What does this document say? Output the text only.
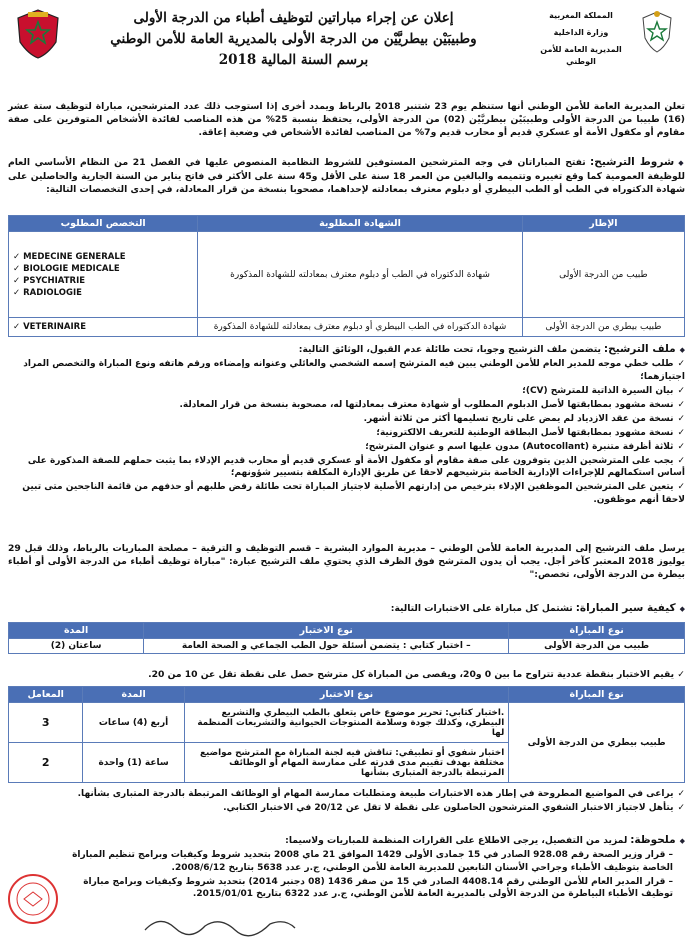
المملكة المغربية
وزارة الداخلية
المديرية العامة للأمن الوطني
إعلان عن إجراء مباراتين لتوظيف أطباء من الدرجة الأولى
وطبيبَيْن بيطريَّيْن من الدرجة الأولى بالمديرية العامة للأمن الوطني
برسم السنة المالية 2018
تعلن المديرية العامة للأمن الوطني أنها ستنظم يوم 23 شتنبر 2018 بالرباط ويمدد أخرى إذا استوجب ذلك عدد المترشحين، مباراة لتوظيف ستة عشر (16) طبيبا من الدرجة الأولى وطبيبَيْن بيطريَّيْن (02) من الدرجة الأولى، يحتفظ بنسبة 25% من هذه المناصب لفائدة الأشخاص المتوفرين على صفة مقاوم أو مكفول الأمة أو عسكري قديم أو محارب قديم و7% من المناصب لفائدة الأشخاص في وضعية إعاقة.
◆ شروط الترشيح: تفتح المباراتان في وجه المترشحين المستوفين للشروط النظامية المنصوص عليها في الفصل 21 من النظام الأساسي العام للوظيفة العمومية كما وقع تغييره وتتميمه والبالغين من العمر 18 سنة على الأقل و45 سنة على الأكثر في فاتح يناير من السنة الجارية والحاصلين على شهادة الدكتوراه في الطب أو الطب البيطري أو دبلوم معترف بمعادلته لإحداهما، مصحوبا بنسخة من قرار المعادلة، في إحدى التخصصات التالية:
الإطار	الشهادة المطلوبة	التخصص المطلوب
طبيب من الدرجة الأولى	شهادة الدكتوراه في الطب أو دبلوم معترف بمعادلته للشهادة المذكورة	✓ MEDECINE GENERALE
✓ BIOLOGIE MEDICALE
✓ PSYCHIATRIE
✓ RADIOLOGIE

طبيب بيطري من الدرجة الأولى	شهادة الدكتوراه في الطب البيطري أو دبلوم معترف بمعادلته للشهادة المذكورة	✓ VETERINAIRE
◆ ملف الترشيح: يتضمن ملف الترشيح وجوبا، تحت طائلة عدم القبول، الوثائق التالية:
✓طلب خطي موجه للمدير العام للأمن الوطني يبين فيه المترشح إسمه الشخصي والعائلي وعنوانه وإمضاءه ورقم هاتفه ونوع المباراة والتخصص المراد اجتيازهما؛
✓بيان السيرة الذاتية للمترشح (CV)؛
✓نسخة مشهود بمطابقتها لأصل الدبلوم المطلوب أو شهادة معترف بمعادلتها له، مصحوبة بنسخة من قرار المعادلة.
✓نسخة من عقد الازدياد لم يمض على تاريخ تسليمها أكثر من ثلاثة أشهر.
✓نسخة مشهود بمطابقتها لأصل البطاقة الوطنية للتعريف الالكترونية؛
✓ثلاثة أظرفة متنبرة (Autocollant) مدون عليها اسم و عنوان المترشح؛
✓يجب على المترشحين الذين يتوفرون على صفة مقاوم أو مكفول الأمة أو عسكري قديم أو محارب قديم الإدلاء بما يثبت حملهم للصفة المذكورة على أساس استكمالهم للإجراءات الإدارية الخاصة بترشيحهم لاحقا عن طريق الإدارة المكلفة بتسيير شؤونهم؛
✓يتعين على المترشحين الموظفين الإدلاء بترخيص من إدارتهم الأصلية لاجتياز المباراة تحت طائلة رفض طلبهم أو حذفهم من قائمة الناجحين متى تبين لاحقا أنهم موظفون.
يرسل ملف الترشيح إلى المديرية العامة للأمن الوطني – مديرية الموارد البشرية – قسم التوظيف و الترقية – مصلحة المباريات بالرباط، وذلك قبل 29 يوليوز 2018 المعتبر كآخر أجل. يجب أن يدون المترشح فوق الظرف الذي يحتوي ملف الترشيح عبارة: "مباراة توظيف أطباء من الدرجة الأولى أو أطباء بيطرة من الدرجة الأولى، تخصص:"
◆ كيفية سير المباراة: تشتمل كل مباراة على الاختبارات التالية:
نوع المباراة	نوع الاختبار	المدة
طبيب من الدرجة الأولى	– اختبار كتابي : يتضمن أسئلة حول الطب الجماعي و الصحة العامة	ساعتان (2)
✓ يقيم الاختبار بنقطة عددية تتراوح ما بين 0 و20، ويقصى من المباراة كل مترشح حصل على نقطة تقل عن 10 من 20.
نوع المباراة	نوع الاختبار	المدة	المعامل
طبيب بيطري من الدرجة الأولى	.اختبار كتابي: تحرير موضوع خاص يتعلق بالطب البيطري والتشريع البيطري، وكذلك جودة وسلامة المنتوجات الحيوانية والتشريعات المنظمة لها	أربع (4) ساعات	3
	اختبار شفوي أو تطبيقي: تناقش فيه لجنة المباراة مع المترشح مواضيع مختلفة بهدف تقييم مدى قدرته على ممارسة المهام أو الوظائف المرتبطة بالدرجة المتبارى بشأنها	ساعة (1) واحدة	2
✓يراعى في المواضيع المطروحة في إطار هذه الاختبارات طبيعة ومتطلبات ممارسة المهام أو الوظائف المرتبطة بالدرجة المتبارى بشأنها.
✓يتأهل لاجتياز الاختبار الشفوي المترشحون الحاصلون على نقطة لا تقل عن 20/12 في الاختبار الكتابي.
◆ ملحوظة: لمزيد من التفصيل، يرجى الاطلاع على القرارات المنظمة للمباريات ولاسيما:
– قرار وزير الصحة رقم 928.08 الصادر في 15 جمادى الأولى 1429 الموافق 21 ماي 2008 بتحديد شروط وكيفيات وبرامج تنظيم المباراة الخاصة بتوظيف الأطباء وجراحي الأسنان التابعين للمديرية العامة للأمن الوطني، ج.ر عدد 5638 بتاريخ 2008/6/12.
– قرار المدير العام للأمن الوطني رقم 4408.14 الصادر في 15 من صفر 1436 (08 دجنبر 2014) بتحديد شروط وكيفيات وبرامج مباراة توظيف الأطباء البياطرة من الدرجة الأولى بالمديرية العامة للأمن الوطني، ج.ر عدد 6322 بتاريخ 2015/01/01.
